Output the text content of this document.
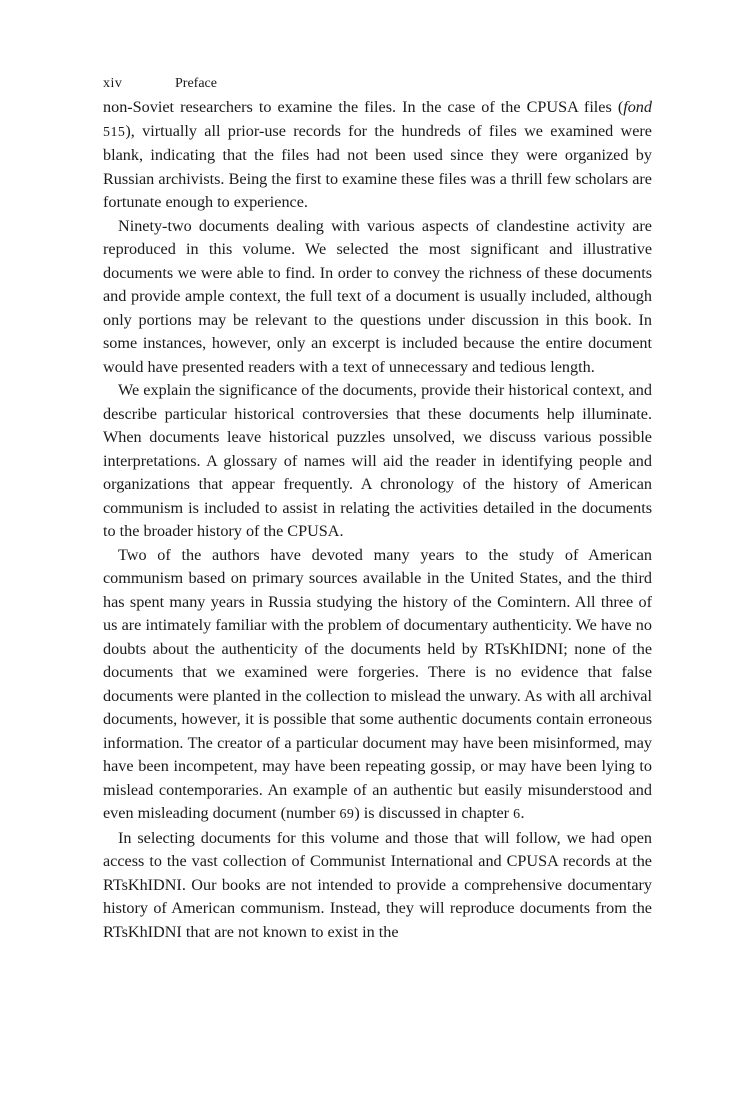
xiv	Preface

non-Soviet researchers to examine the files. In the case of the CPUSA files (fond 515), virtually all prior-use records for the hundreds of files we examined were blank, indicating that the files had not been used since they were organized by Russian archivists. Being the first to examine these files was a thrill few scholars are fortunate enough to experience.

Ninety-two documents dealing with various aspects of clandestine activity are reproduced in this volume. We selected the most significant and illustrative documents we were able to find. In order to convey the richness of these documents and provide ample context, the full text of a document is usually included, although only portions may be relevant to the questions under discussion in this book. In some instances, however, only an excerpt is included because the entire document would have presented readers with a text of unnecessary and tedious length.

We explain the significance of the documents, provide their historical context, and describe particular historical controversies that these documents help illuminate. When documents leave historical puzzles unsolved, we discuss various possible interpretations. A glossary of names will aid the reader in identifying people and organizations that appear frequently. A chronology of the history of American communism is included to assist in relating the activities detailed in the documents to the broader history of the CPUSA.

Two of the authors have devoted many years to the study of American communism based on primary sources available in the United States, and the third has spent many years in Russia studying the history of the Comintern. All three of us are intimately familiar with the problem of documentary authenticity. We have no doubts about the authenticity of the documents held by RTsKhIDNI; none of the documents that we examined were forgeries. There is no evidence that false documents were planted in the collection to mislead the unwary. As with all archival documents, however, it is possible that some authentic documents contain erroneous information. The creator of a particular document may have been misinformed, may have been incompetent, may have been repeating gossip, or may have been lying to mislead contemporaries. An example of an authentic but easily misunderstood and even misleading document (number 69) is discussed in chapter 6.

In selecting documents for this volume and those that will follow, we had open access to the vast collection of Communist International and CPUSA records at the RTsKhIDNI. Our books are not intended to provide a comprehensive documentary history of American communism. Instead, they will reproduce documents from the RTsKhIDNI that are not known to exist in the
